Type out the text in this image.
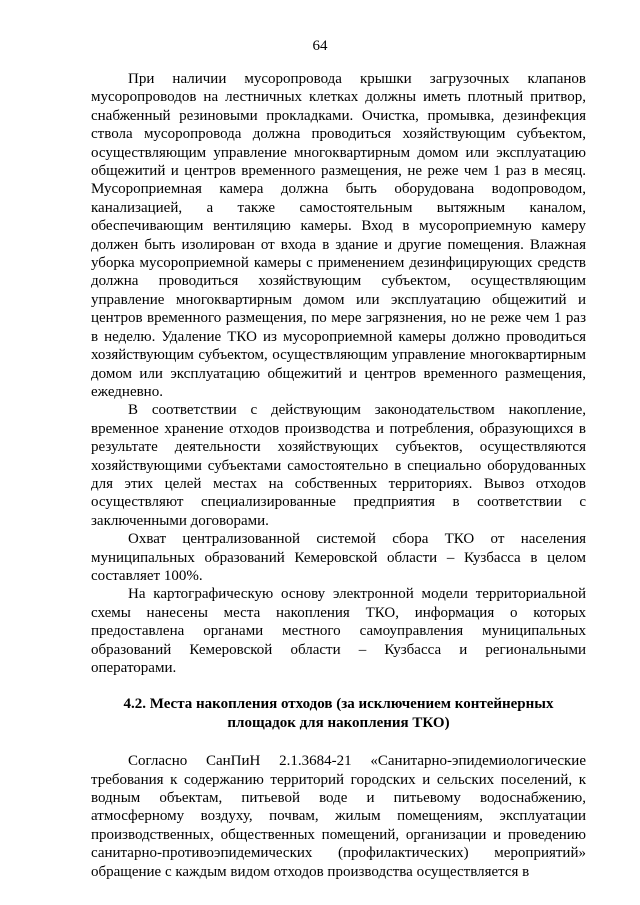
64

При наличии мусоропровода крышки загрузочных клапанов мусоропроводов на лестничных клетках должны иметь плотный притвор, снабженный резиновыми прокладками. Очистка, промывка, дезинфекция ствола мусоропровода должна проводиться хозяйствующим субъектом, осуществляющим управление многоквартирным домом или эксплуатацию общежитий и центров временного размещения, не реже чем 1 раз в месяц. Мусороприемная камера должна быть оборудована водопроводом, канализацией, а также самостоятельным вытяжным каналом, обеспечивающим вентиляцию камеры. Вход в мусороприемную камеру должен быть изолирован от входа в здание и другие помещения. Влажная уборка мусороприемной камеры с применением дезинфицирующих средств должна проводиться хозяйствующим субъектом, осуществляющим управление многоквартирным домом или эксплуатацию общежитий и центров временного размещения, по мере загрязнения, но не реже чем 1 раз в неделю. Удаление ТКО из мусороприемной камеры должно проводиться хозяйствующим субъектом, осуществляющим управление многоквартирным домом или эксплуатацию общежитий и центров временного размещения, ежедневно.

В соответствии с действующим законодательством накопление, временное хранение отходов производства и потребления, образующихся в результате деятельности хозяйствующих субъектов, осуществляются хозяйствующими субъектами самостоятельно в специально оборудованных для этих целей местах на собственных территориях. Вывоз отходов осуществляют специализированные предприятия в соответствии с заключенными договорами.

Охват централизованной системой сбора ТКО от населения муниципальных образований Кемеровской области – Кузбасса в целом составляет 100%.

На картографическую основу электронной модели территориальной схемы нанесены места накопления ТКО, информация о которых предоставлена органами местного самоуправления муниципальных образований Кемеровской области – Кузбасса и региональными операторами.

4.2. Места накопления отходов (за исключением контейнерных площадок для накопления ТКО)

Согласно СанПиН 2.1.3684-21 «Санитарно-эпидемиологические требования к содержанию территорий городских и сельских поселений, к водным объектам, питьевой воде и питьевому водоснабжению, атмосферному воздуху, почвам, жилым помещениям, эксплуатации производственных, общественных помещений, организации и проведению санитарно-противоэпидемических (профилактических) мероприятий» обращение с каждым видом отходов производства осуществляется в
